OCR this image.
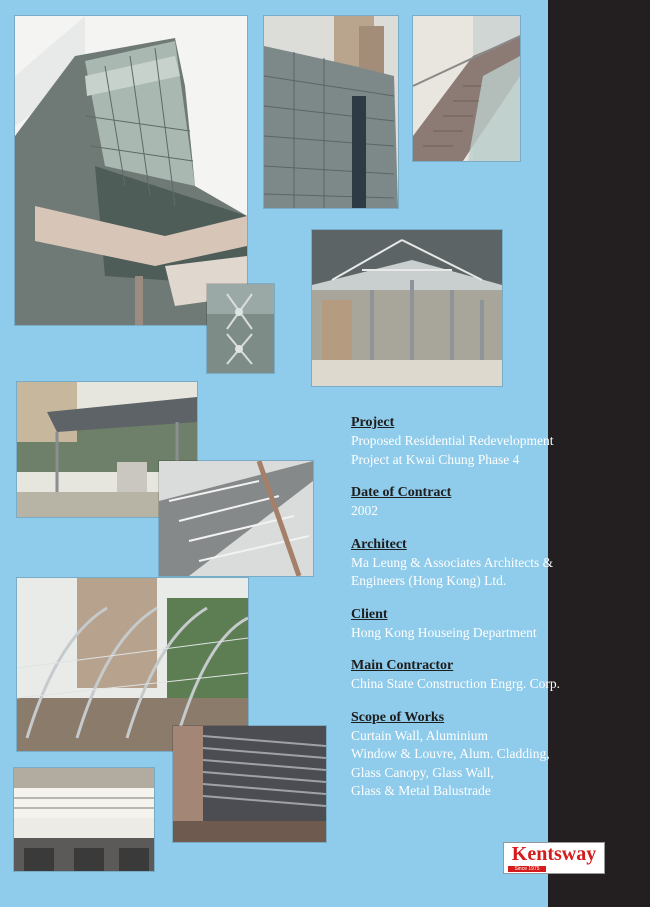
Project
Proposed Residential Redevelopment
Project at Kwai Chung Phase 4
Date of Contract
2002
Architect
Ma Leung & Associates Architects &
Engineers (Hong Kong) Ltd.
Client
Hong Kong Houseing Department
Main Contractor
China State Construction Engrg. Corp.
Scope of Works
Curtain Wall, Aluminium
Window & Louvre, Alum. Cladding,
Glass Canopy, Glass Wall,
Glass & Metal Balustrade
Kentsway
Since 1975
